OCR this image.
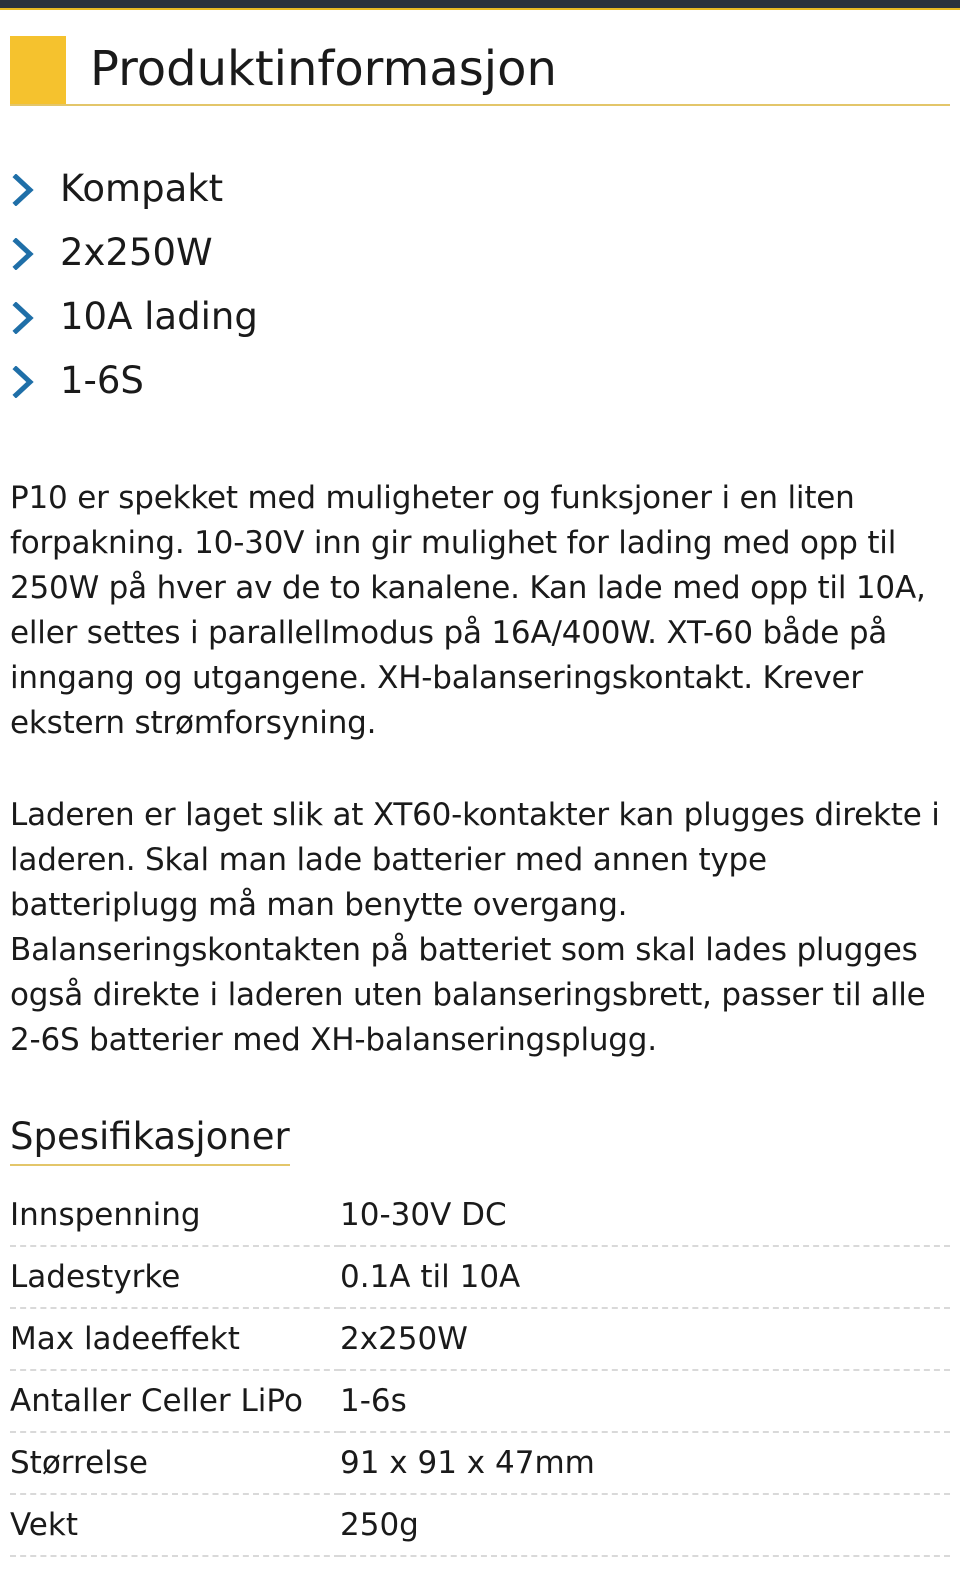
Produktinformasjon
Kompakt
2x250W
10A lading
1-6S

P10 er spekket med muligheter og funksjoner i en liten forpakning. 10-30V inn gir mulighet for lading med opp til 250W på hver av de to kanalene. Kan lade med opp til 10A, eller settes i parallellmodus på 16A/400W. XT-60 både på inngang og utgangene. XH-balanseringskontakt. Krever ekstern strømforsyning.

Laderen er laget slik at XT60-kontakter kan plugges direkte i laderen. Skal man lade batterier med annen type batteriplugg må man benytte overgang. Balanseringskontakten på batteriet som skal lades plugges også direkte i laderen uten balanseringsbrett, passer til alle 2-6S batterier med XH-balanseringsplugg.

Spesifikasjoner
Innspenning	10-30V DC
Ladestyrke	0.1A til 10A
Max ladeeffekt	2x250W
Antaller Celler LiPo	1-6s
Størrelse	91 x 91 x 47mm
Vekt	250g
